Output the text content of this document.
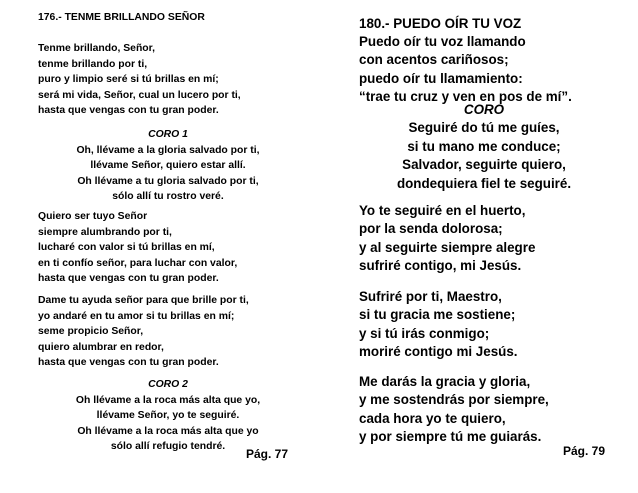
176.- TENME BRILLANDO SEÑOR
Tenme brillando, Señor,
tenme brillando por ti,
puro y limpio seré si tú brillas en mí;
será mi vida, Señor, cual un lucero por ti,
hasta que vengas con tu gran poder.
CORO 1
Oh, llévame a la gloria salvado por ti,
llévame Señor, quiero estar allí.
Oh llévame a tu gloria salvado por ti,
sólo allí tu rostro veré.
Quiero ser tuyo Señor
siempre alumbrando por ti,
lucharé con valor si tú brillas en mí,
en ti confío señor, para luchar con valor,
hasta que vengas con tu gran poder.
Dame tu ayuda señor para que brille por ti,
yo andaré en tu amor si tu brillas en mí;
seme propicio Señor,
quiero alumbrar en redor,
hasta que vengas con tu gran poder.
CORO 2
Oh llévame a la roca más alta que yo,
llévame Señor, yo te seguiré.
Oh llévame a la roca más alta que yo
sólo allí refugio tendré.
Pág. 77
180.- PUEDO OÍR TU VOZ
Puedo oír tu voz llamando
con acentos cariñosos;
puedo oír tu llamamiento:
“trae tu cruz y ven en pos de mí”.
CORO
Seguiré do tú me guíes,
si tu mano me conduce;
Salvador, seguirte quiero,
dondequiera fiel te seguiré.
Yo te seguiré en el huerto,
por la senda dolorosa;
y al seguirte siempre alegre
sufriré contigo, mi Jesús.
Sufriré por ti, Maestro,
si tu gracia me sostiene;
y si tú irás conmigo;
moriré contigo mi Jesús.
Me darás la gracia y gloria,
y me sostendrás por siempre,
cada hora yo te quiero,
y por siempre tú me guiarás.
Pág. 79
